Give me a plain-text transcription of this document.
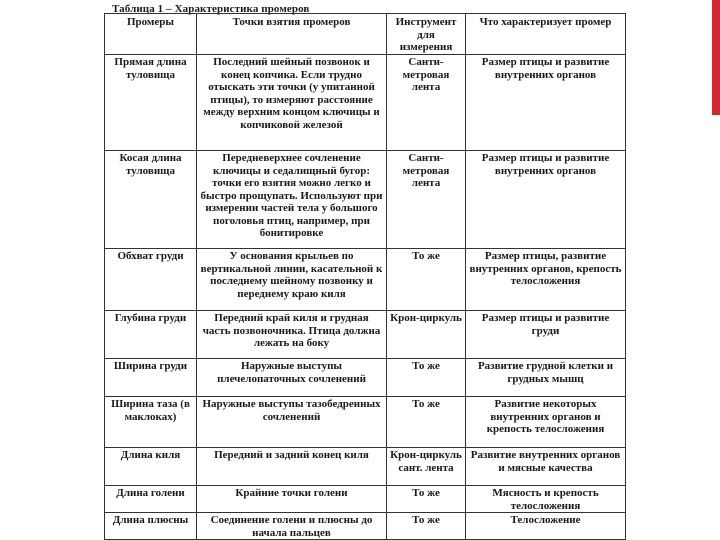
Таблица 1 – Характеристика промеров
Промеры	Точки взятия промеров	Инструмент для измерения	Что характеризует промер
Прямая длина туловища	Последний шейный позвонок и конец копчика. Если трудно отыскать эти точки (у упитанной птицы), то измеряют расстояние между верхним концом ключицы и копчиковой железой	Санти-метровая лента	Размер птицы и развитие внутренних органов
Косая длина туловища	Передневерхнее сочленение ключицы и седалищный бугор: точки его взятия можно легко и быстро прощупать. Используют при измерении частей тела у большого поголовья птиц, например, при бонитировке	Санти-метровая лента	Размер птицы и развитие внутренних органов
Обхват груди	У основания крыльев по вертикальной линии, касательной к последнему шейному позвонку и переднему краю киля	То же	Размер птицы, развитие внутренних органов, крепость телосложения
Глубина груди	Передний край киля и грудная часть позвоночника. Птица должна лежать на боку	Крон-циркуль	Размер птицы и развитие груди
Ширина груди	Наружные выступы плечелопаточных сочленений	То же	Развитие грудной клетки и грудных мышц
Ширина таза (в маклоках)	Наружные выступы тазобедренных сочленений	То же	Развитие некоторых внутренних органов и крепость телосложения
Длина киля	Передний и задний конец киля	Крон-циркуль сант. лента	Развитие внутренних органов и мясные качества
Длина голени	Крайние точки голени	То же	Мясность и крепость телосложения
Длина плюсны	Соединение голени и плюсны до начала пальцев	То же	Телосложение
